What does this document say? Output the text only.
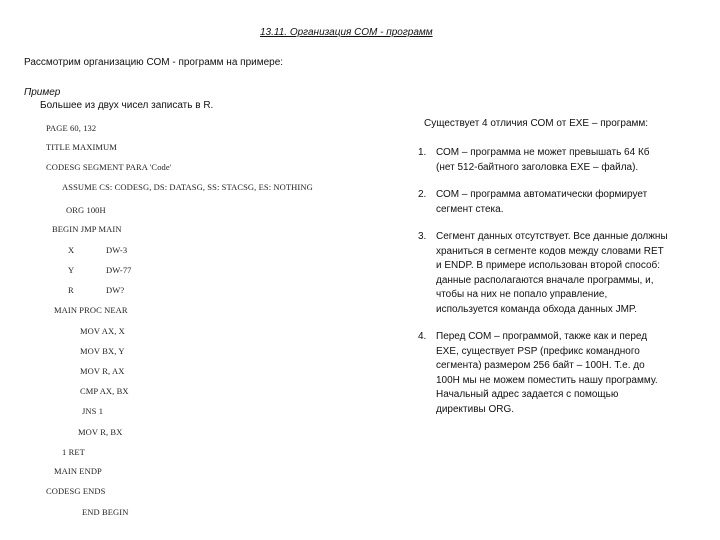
13.11. Организация СОМ - программ
Рассмотрим организацию СОМ - программ на примере:
Пример
Большее из двух чисел записать в R.
PAGE 60, 132
TITLE MAXIMUM
CODESG SEGMENT PARA 'Code'
ASSUME CS: CODESG, DS: DATASG, SS: STACSG, ES: NOTHING
ORG 100H
BEGIN JMP MAIN
X	DW-3
Y	DW-77
R	DW?
MAIN PROC NEAR
MOV AX, X
MOV BX, Y
MOV R, AX
CMP AX, BX
JNS 1
MOV R, BX
1 RET
MAIN ENDP
CODESG ENDS
END BEGIN
Существует 4 отличия СОМ от ЕХЕ – программ:
1. СОМ – программа не может превышать 64 Кб (нет 512-байтного заголовка ЕХЕ – файла).
2. СОМ – программа автоматически формирует сегмент стека.
3. Сегмент данных отсутствует. Все данные должны храниться в сегменте кодов между словами RET и ENDP. В примере использован второй способ: данные располагаются вначале программы, и, чтобы на них не попало управление, используется команда обхода данных JMP.
4. Перед СОМ – программой, также как и перед ЕХЕ, существует PSP (префикс командного сегмента) размером 256 байт – 100Н. Т.е. до 100Н мы не можем поместить нашу программу. Начальный адрес задается с помощью директивы ORG.
